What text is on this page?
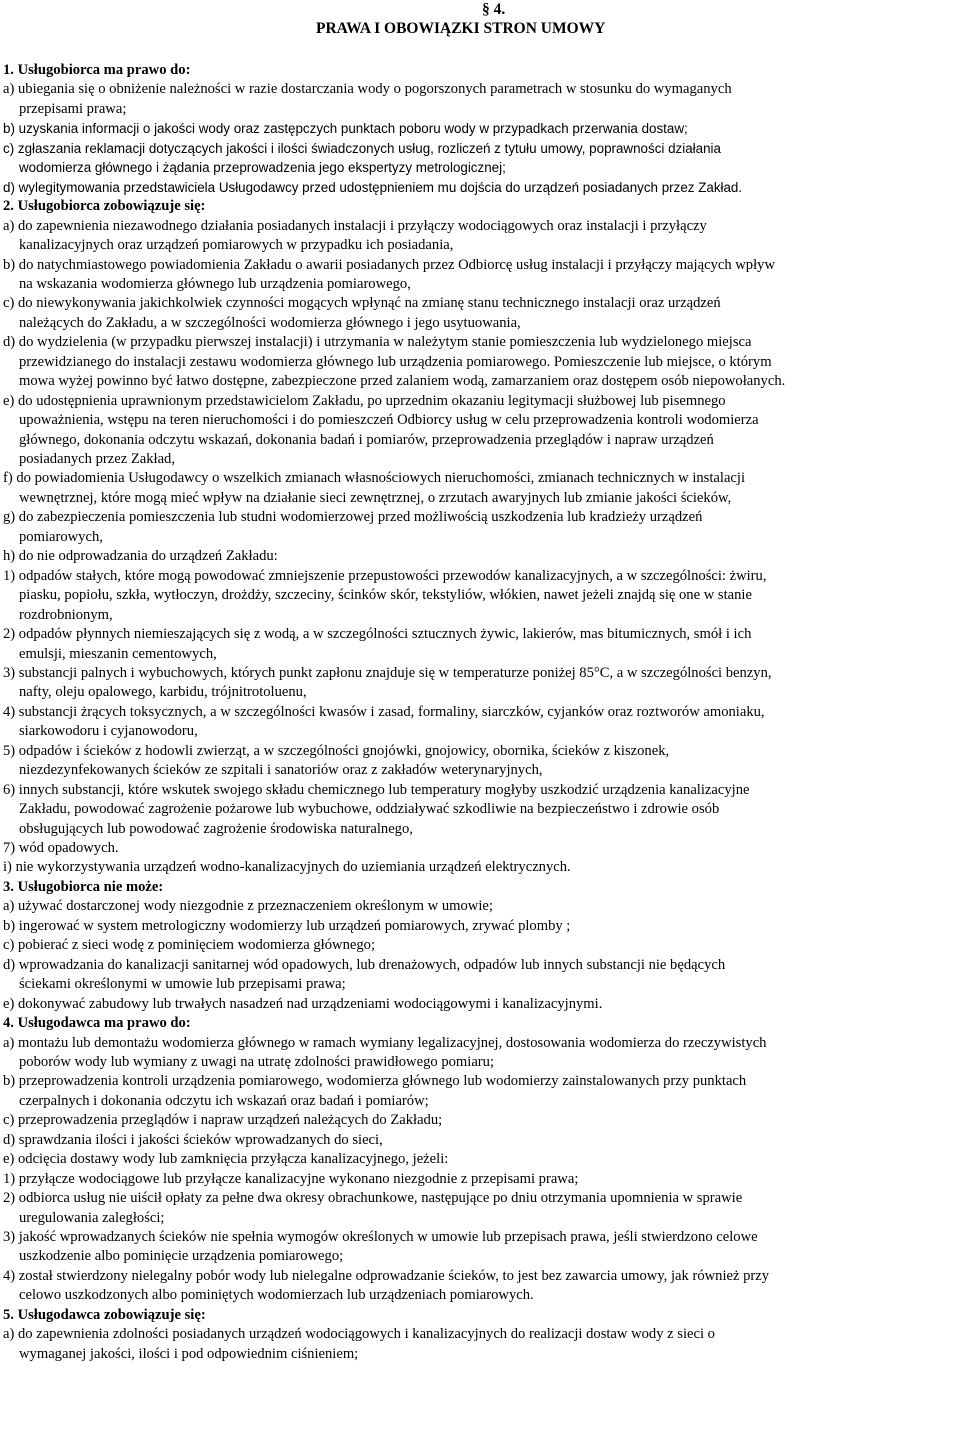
§ 4.
PRAWA I OBOWIĄZKI STRON UMOWY
1. Usługobiorca ma prawo do:
a) ubiegania się o obniżenie należności w razie dostarczania wody o pogorszonych parametrach w stosunku do wymaganych
przepisami prawa;
b) uzyskania informacji o jakości wody oraz zastępczych punktach poboru wody w przypadkach przerwania dostaw;
c) zgłaszania reklamacji dotyczących jakości i ilości świadczonych usług, rozliczeń z tytułu umowy, poprawności działania
wodomierza głównego i żądania przeprowadzenia jego ekspertyzy metrologicznej;
d) wylegitymowania przedstawiciela Usługodawcy przed udostępnieniem mu dojścia do urządzeń posiadanych przez Zakład.
2. Usługobiorca zobowiązuje się:
a) do zapewnienia niezawodnego działania posiadanych instalacji i przyłączy wodociągowych oraz instalacji i przyłączy
kanalizacyjnych oraz urządzeń pomiarowych w przypadku ich posiadania,
b) do natychmiastowego powiadomienia Zakładu o awarii posiadanych przez Odbiorcę usług instalacji i przyłączy mających wpływ
na wskazania wodomierza głównego lub urządzenia pomiarowego,
c) do niewykonywania jakichkolwiek czynności mogących wpłynąć na zmianę stanu technicznego instalacji oraz urządzeń
należących do Zakładu, a w szczególności wodomierza głównego i jego usytuowania,
d) do wydzielenia (w przypadku pierwszej instalacji) i utrzymania w należytym stanie pomieszczenia lub wydzielonego miejsca
przewidzianego do instalacji zestawu wodomierza głównego lub urządzenia pomiarowego. Pomieszczenie lub miejsce, o którym
mowa wyżej powinno być łatwo dostępne, zabezpieczone przed zalaniem wodą, zamarzaniem oraz dostępem osób niepowołanych.
e) do udostępnienia uprawnionym przedstawicielom Zakładu, po uprzednim okazaniu legitymacji służbowej lub pisemnego
upoważnienia, wstępu na teren nieruchomości i do pomieszczeń Odbiorcy usług w celu przeprowadzenia kontroli wodomierza
głównego, dokonania odczytu wskazań, dokonania badań i pomiarów, przeprowadzenia przeglądów i napraw urządzeń
posiadanych przez Zakład,
f) do powiadomienia Usługodawcy o wszelkich zmianach własnościowych nieruchomości, zmianach technicznych w instalacji
wewnętrznej, które mogą mieć wpływ na działanie sieci zewnętrznej, o zrzutach awaryjnych lub zmianie jakości ścieków,
g) do zabezpieczenia pomieszczenia lub studni wodomierzowej przed możliwością uszkodzenia lub kradzieży urządzeń
pomiarowych,
h) do nie odprowadzania do urządzeń Zakładu:
1) odpadów stałych, które mogą powodować zmniejszenie przepustowości przewodów kanalizacyjnych, a w szczególności: żwiru,
piasku, popiołu, szkła, wytłoczyn, drożdży, szczeciny, ścinków skór, tekstyliów, włókien, nawet jeżeli znajdą się one w stanie
rozdrobnionym,
2) odpadów płynnych niemieszających się z wodą, a w szczególności sztucznych żywic, lakierów, mas bitumicznych, smół i ich
emulsji, mieszanin cementowych,
3) substancji palnych i wybuchowych, których punkt zapłonu znajduje się w temperaturze poniżej 85°C, a w szczególności benzyn,
nafty, oleju opalowego, karbidu, trójnitrotoluenu,
4) substancji żrących toksycznych, a w szczególności kwasów i zasad, formaliny, siarczków, cyjanków oraz roztworów amoniaku,
siarkowodoru i cyjanowodoru,
5) odpadów i ścieków z hodowli zwierząt, a w szczególności gnojówki, gnojowicy, obornika, ścieków z kiszonek,
niezdezynfekowanych ścieków ze szpitali i sanatoriów oraz z zakładów weterynaryjnych,
6) innych substancji, które wskutek swojego składu chemicznego lub temperatury mogłyby uszkodzić urządzenia kanalizacyjne
Zakładu, powodować zagrożenie pożarowe lub wybuchowe, oddziaływać szkodliwie na bezpieczeństwo i zdrowie osób
obsługujących lub powodować zagrożenie środowiska naturalnego,
7) wód opadowych.
i) nie wykorzystywania urządzeń wodno-kanalizacyjnych do uziemiania urządzeń elektrycznych.
3. Usługobiorca nie może:
a) używać dostarczonej wody niezgodnie z przeznaczeniem określonym w umowie;
b) ingerować w system metrologiczny wodomierzy lub urządzeń pomiarowych, zrywać plomby ;
c) pobierać z sieci wodę z pominięciem wodomierza głównego;
d) wprowadzania do kanalizacji sanitarnej wód opadowych, lub drenażowych, odpadów lub innych substancji nie będących
ściekami określonymi w umowie lub przepisami prawa;
e) dokonywać zabudowy lub trwałych nasadzeń nad urządzeniami wodociągowymi i kanalizacyjnymi.
4. Usługodawca ma prawo do:
a) montażu lub demontażu wodomierza głównego w ramach wymiany legalizacyjnej, dostosowania wodomierza do rzeczywistych
poborów wody lub wymiany z uwagi na utratę zdolności prawidłowego pomiaru;
b) przeprowadzenia kontroli urządzenia pomiarowego, wodomierza głównego lub wodomierzy zainstalowanych przy punktach
czerpalnych i dokonania odczytu ich wskazań oraz badań i pomiarów;
c) przeprowadzenia przeglądów i napraw urządzeń należących do Zakładu;
d) sprawdzania ilości i jakości ścieków wprowadzanych do sieci,
e) odcięcia dostawy wody lub zamknięcia przyłącza kanalizacyjnego, jeżeli:
1) przyłącze wodociągowe lub przyłącze kanalizacyjne wykonano niezgodnie z przepisami prawa;
2) odbiorca usług nie uiścił opłaty za pełne dwa okresy obrachunkowe, następujące po dniu otrzymania upomnienia w sprawie
uregulowania zaległości;
3) jakość wprowadzanych ścieków nie spełnia wymogów określonych w umowie lub przepisach prawa, jeśli stwierdzono celowe
uszkodzenie albo pominięcie urządzenia pomiarowego;
4) został stwierdzony nielegalny pobór wody lub nielegalne odprowadzanie ścieków, to jest bez zawarcia umowy, jak również przy
celowo uszkodzonych albo pominiętych wodomierzach lub urządzeniach pomiarowych.
5. Usługodawca zobowiązuje się:
a) do zapewnienia zdolności posiadanych urządzeń wodociągowych i kanalizacyjnych do realizacji dostaw wody z sieci o
wymaganej jakości, ilości i pod odpowiednim ciśnieniem;
